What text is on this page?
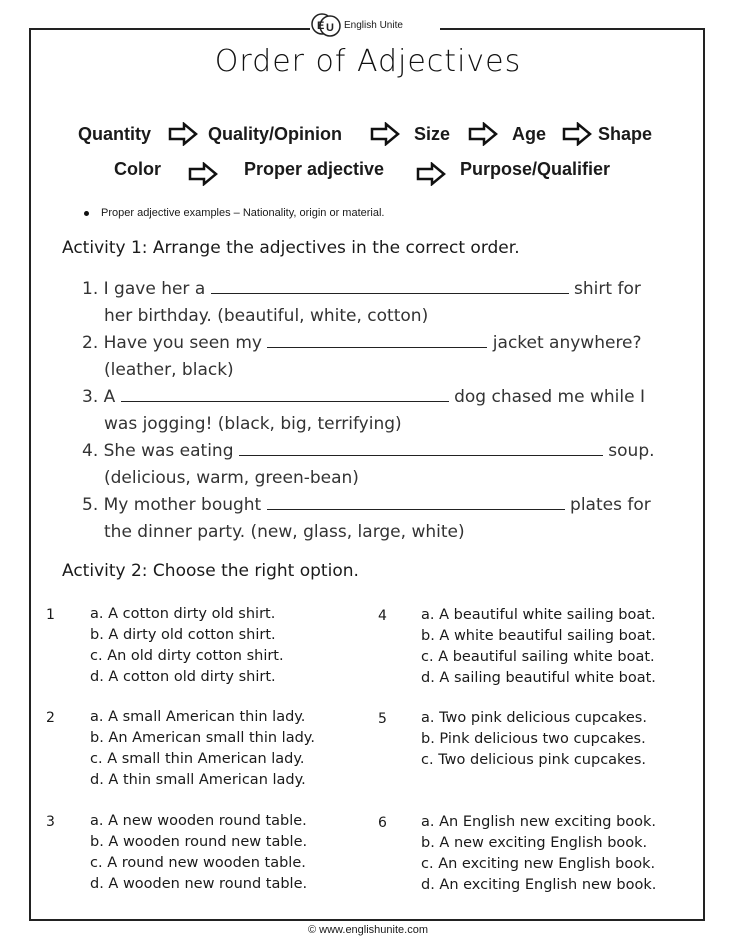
E U English Unite
Order of Adjectives
Quantity	Quality/Opinion	Size	Age	Shape
Color	Proper adjective	Purpose/Qualifier
Proper adjective examples – Nationality, origin or material.
Activity 1: Arrange the adjectives in the correct order.
1. I gave her a	shirt for
her birthday. (beautiful, white, cotton)
2. Have you seen my	jacket anywhere?
(leather, black)
3. A	dog chased me while I
was jogging! (black, big, terrifying)
4. She was eating	soup.
(delicious, warm, green-bean)
5. My mother bought	plates for
the dinner party. (new, glass, large, white)
Activity 2: Choose the right option.
1 a. A cotton dirty old shirt.
b. A dirty old cotton shirt.
c. An old dirty cotton shirt.
d. A cotton old dirty shirt.
2 a. A small American thin lady.
b. An American small thin lady.
c. A small thin American lady.
d. A thin small American lady.
3 a. A new wooden round table.
b. A wooden round new table.
c. A round new wooden table.
d. A wooden new round table.
4 a. A beautiful white sailing boat.
b. A white beautiful sailing boat.
c. A beautiful sailing white boat.
d. A sailing beautiful white boat.
5 a. Two pink delicious cupcakes.
b. Pink delicious two cupcakes.
c. Two delicious pink cupcakes.
6 a. An English new exciting book.
b. A new exciting English book.
c. An exciting new English book.
d. An exciting English new book.
© www.englishunite.com
